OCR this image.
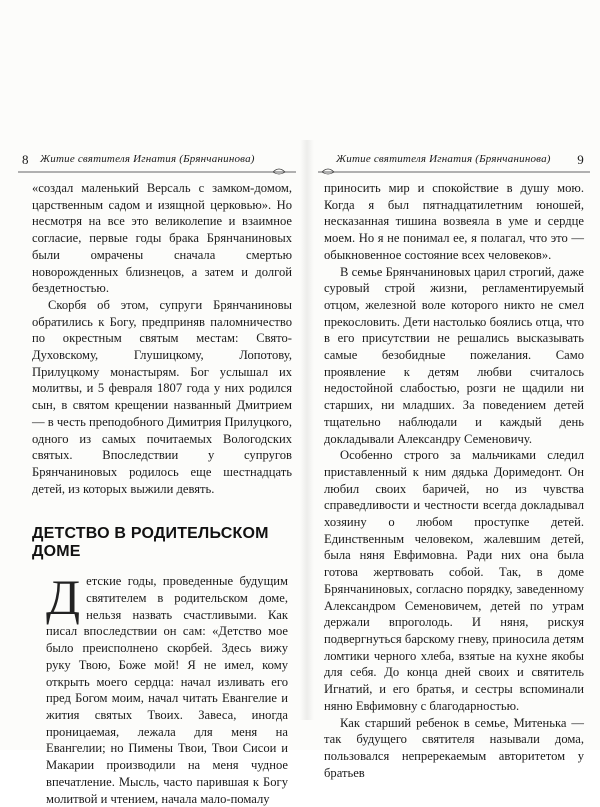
8 Житие святителя Игнатия (Брянчанинова)

«создал маленький Версаль с замком-домом, царственным садом и изящной церковью». Но несмотря на все это великолепие и взаимное согласие, первые годы брака Брянчаниновых были омрачены сначала смертью новорожденных близнецов, а затем и долгой бездетностью.

Скорбя об этом, супруги Брянчаниновы обратились к Богу, предприняв паломничество по окрестным святым местам: Свято-Духовскому, Глушицкому, Лопотову, Прилуцкому монастырям. Бог услышал их молитвы, и 5 февраля 1807 года у них родился сын, в святом крещении названный Дмитрием — в честь преподобного Димитрия Прилуцкого, одного из самых почитаемых Вологодских святых. Впоследствии у супругов Брянчаниновых родилось еще шестнадцать детей, из которых выжили девять.

ДЕТСТВО В РОДИТЕЛЬСКОМ ДОМЕ
Д етские годы, проведенные будущим святителем в родительском доме, нельзя назвать счастливыми. Как писал впоследствии он сам: «Детство мое было преисполнено скорбей. Здесь вижу руку Твою, Боже мой! Я не имел, кому открыть моего сердца: начал изливать его пред Богом моим, начал читать Евангелие и жития святых Твоих. Завеса, иногда проницаемая, лежала для меня на Евангелии; но Пимены Твои, Твои Сисои и Макарии производили на меня чудное впечатление. Мысль, часто парившая к Богу молитвой и чтением, начала мало-помалу
Житие святителя Игнатия (Брянчанинова) 9

приносить мир и спокойствие в душу мою. Когда я был пятнадцатилетним юношей, несказанная тишина возвеяла в уме и сердце моем. Но я не понимал ее, я полагал, что это — обыкновенное состояние всех человеков».

В семье Брянчаниновых царил строгий, даже суровый строй жизни, регламентируемый отцом, железной воле которого никто не смел прекословить. Дети настолько боялись отца, что в его присутствии не решались высказывать самые безобидные пожелания. Само проявление к детям любви считалось недостойной слабостью, розги не щадили ни старших, ни младших. За поведением детей тщательно наблюдали и каждый день докладывали Александру Семеновичу.

Особенно строго за мальчиками следил приставленный к ним дядька Доримедонт. Он любил своих баричей, но из чувства справедливости и честности всегда докладывал хозяину о любом проступке детей. Единственным человеком, жалевшим детей, была няня Евфимовна. Ради них она была готова жертвовать собой. Так, в доме Брянчаниновых, согласно порядку, заведенному Александром Семеновичем, детей по утрам держали впроголодь. И няня, рискуя подвергнуться барскому гневу, приносила детям ломтики черного хлеба, взятые на кухне якобы для себя. До конца дней своих и святитель Игнатий, и его братья, и сестры вспоминали няню Евфимовну с благодарностью.

Как старший ребенок в семье, Митенька — так будущего святителя называли дома, пользовался непререкаемым авторитетом у братьев
